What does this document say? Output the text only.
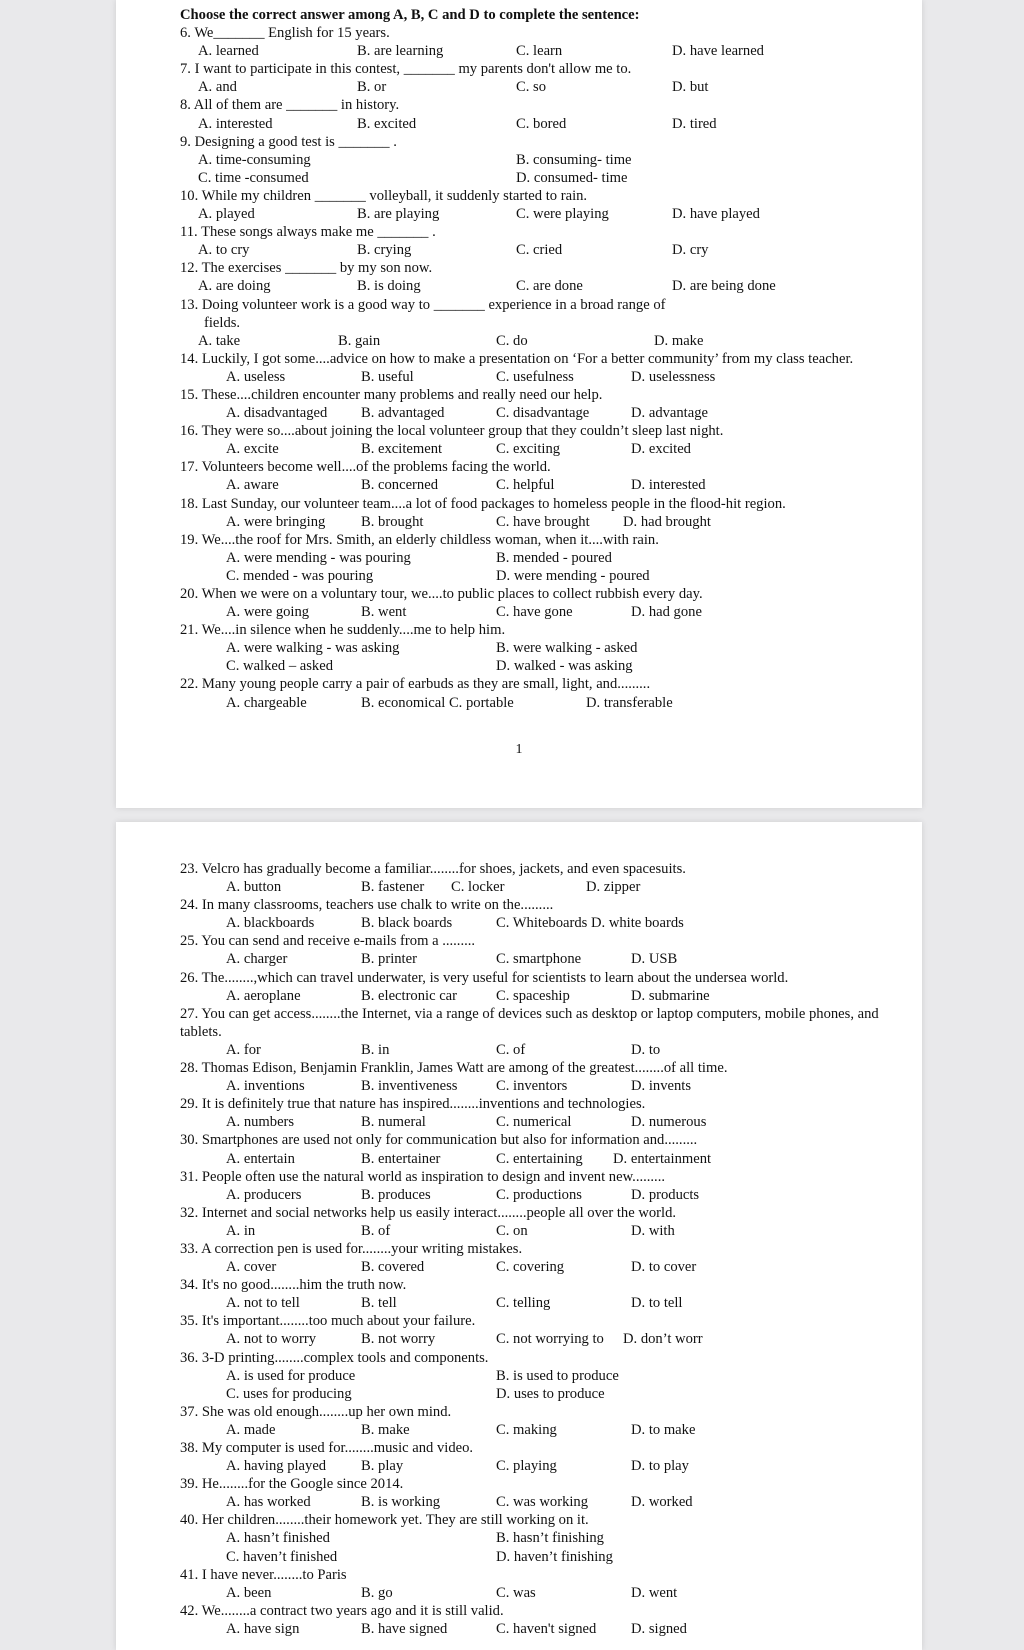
Choose the correct answer among A, B, C and D to complete the sentence:
6. We_______ English for 15 years.
A. learned	B. are learning	C. learn	D. have learned
7. I want to participate in this contest, _______ my parents don't allow me to.
A. and	B. or	C. so	D. but
8. All of them are _______ in history.
A. interested	B. excited	C. bored	D. tired
9. Designing a good test is _______ .
A. time-consuming	B. consuming- time
C. time -consumed	D. consumed- time
10. While my children _______ volleyball, it suddenly started to rain.
A. played	B. are playing	C. were playing	D. have played
11. These songs always make me _______ .
A. to cry	B. crying	C. cried	D. cry
12. The exercises _______ by my son now.
A. are doing	B. is doing	C. are done	D. are being done
13. Doing volunteer work is a good way to _______ experience in a broad range of
fields.
A. take	B. gain	C. do	D. make
14. Luckily, I got some....advice on how to make a presentation on ‘For a better community’ from my class teacher.
A. useless	B. useful	C. usefulness	D. uselessness
15. These....children encounter many problems and really need our help.
A. disadvantaged B. advantaged	C. disadvantage	D. advantage
16. They were so....about joining the local volunteer group that they couldn’t sleep last night.
A. excite	B. excitement	C. exciting	D. excited
17. Volunteers become well....of the problems facing the world.
A. aware	B. concerned	C. helpful	D. interested
18. Last Sunday, our volunteer team....a lot of food packages to homeless people in the flood-hit region.
A. were bringing B. brought	C. have brought D. had brought
19. We....the roof for Mrs. Smith, an elderly childless woman, when it....with rain.
A. were mending - was pouring	B. mended - poured
C. mended - was pouring	D. were mending - poured
20. When we were on a voluntary tour, we....to public places to collect rubbish every day.
A. were going	B. went	C. have gone	D. had gone
21. We....in silence when he suddenly....me to help him.
A. were walking - was asking	B. were walking - asked
C. walked – asked	D. walked - was asking
22. Many young people carry a pair of earbuds as they are small, light, and.........
A. chargeable	B. economical C. portable	D. transferable
1
23. Velcro has gradually become a familiar........for shoes, jackets, and even spacesuits.
A. button	B. fastener C. locker	D. zipper
24. In many classrooms, teachers use chalk to write on the.........
A. blackboards	B. black boards	C. Whiteboards D. white boards
25. You can send and receive e-mails from a .........
A. charger	B. printer	C. smartphone	D. USB
26. The........,which can travel underwater, is very useful for scientists to learn about the undersea world.
A. aeroplane	B. electronic car	C. spaceship	D. submarine
27. You can get access........the Internet, via a range of devices such as desktop or laptop computers, mobile phones, and tablets.
A. for	B. in	C. of	D. to
28. Thomas Edison, Benjamin Franklin, James Watt are among of the greatest........of all time.
A. inventions	B. inventiveness	C. inventors	D. invents
29. It is definitely true that nature has inspired........inventions and technologies.
A. numbers	B. numeral	C. numerical	D. numerous
30. Smartphones are used not only for communication but also for information and.........
A. entertain	B. entertainer	C. entertaining D. entertainment
31. People often use the natural world as inspiration to design and invent new.........
A. producers	B. produces	C. productions	D. products
32. Internet and social networks help us easily interact........people all over the world.
A. in	B. of	C. on	D. with
33. A correction pen is used for........your writing mistakes.
A. cover	B. covered	C. covering	D. to cover
34. It's no good........him the truth now.
A. not to tell	B. tell	C. telling	D. to tell
35. It's important........too much about your failure.
A. not to worry	B. not worry	C. not worrying to D. don’t worr
36. 3-D printing........complex tools and components.
A. is used for produce	B. is used to produce
C. uses for producing	D. uses to produce
37. She was old enough........up her own mind.
A. made	B. make	C. making	D. to make
38. My computer is used for........music and video.
A. having played B. play	C. playing	D. to play
39. He........for the Google since 2014.
A. has worked	B. is working	C. was working	D. worked
40. Her children........their homework yet. They are still working on it.
A. hasn’t finished	B. hasn’t finishing
C. haven’t finished	D. haven’t finishing
41. I have never........to Paris
A. been	B. go	C. was	D. went
42. We........a contract two years ago and it is still valid.
A. have sign	B. have signed	C. haven't signed D. signed
